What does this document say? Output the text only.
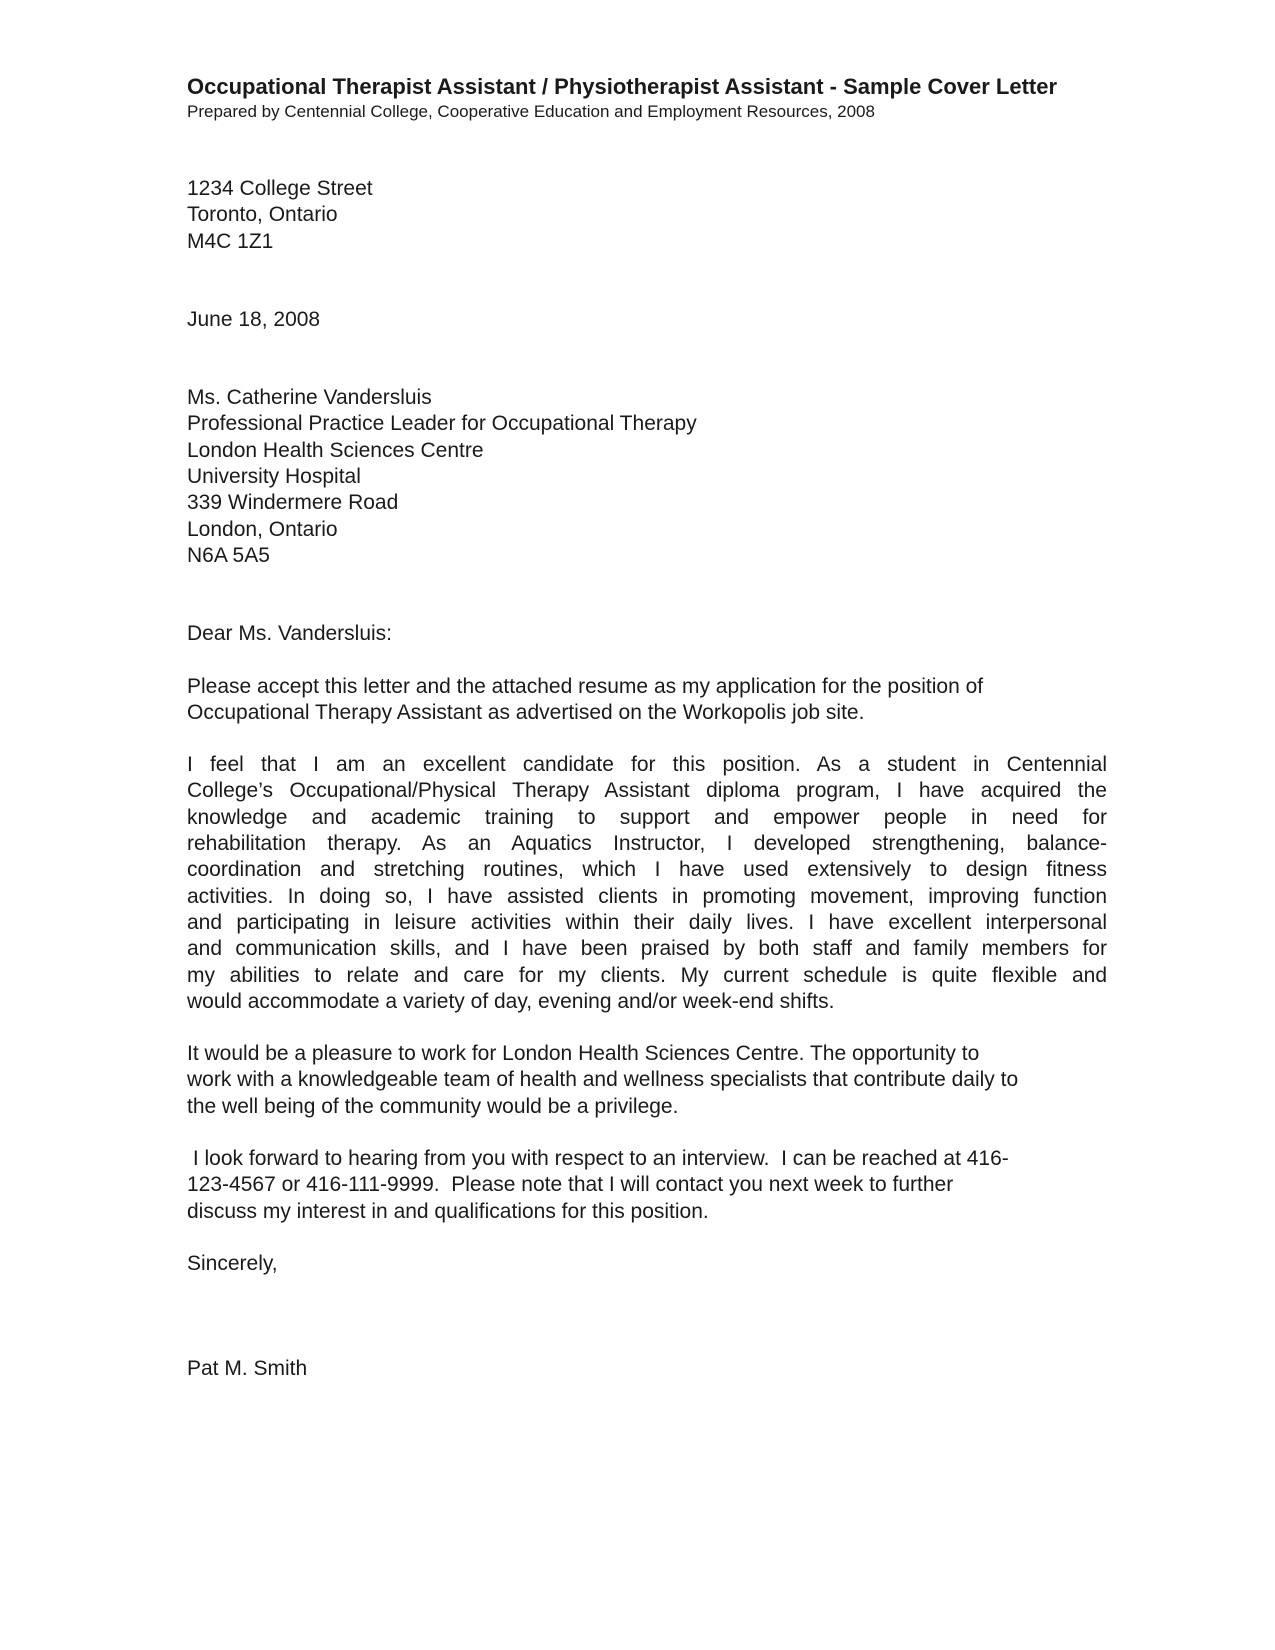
Occupational Therapist Assistant / Physiotherapist Assistant - Sample Cover Letter
Prepared by Centennial College, Cooperative Education and Employment Resources, 2008
1234 College Street
Toronto, Ontario
M4C 1Z1
June 18, 2008
Ms. Catherine Vandersluis
Professional Practice Leader for Occupational Therapy
London Health Sciences Centre
University Hospital
339 Windermere Road
London, Ontario
N6A 5A5
Dear Ms. Vandersluis:
Please accept this letter and the attached resume as my application for the position of
Occupational Therapy Assistant as advertised on the Workopolis job site.
I feel that I am an excellent candidate for this position. As a student in Centennial
College’s Occupational/Physical Therapy Assistant diploma program, I have acquired the
knowledge and academic training to support and empower people in need for
rehabilitation therapy. As an Aquatics Instructor, I developed strengthening, balance-
coordination and stretching routines, which I have used extensively to design fitness
activities. In doing so, I have assisted clients in promoting movement, improving function
and participating in leisure activities within their daily lives. I have excellent interpersonal
and communication skills, and I have been praised by both staff and family members for
my abilities to relate and care for my clients. My current schedule is quite flexible and
would accommodate a variety of day, evening and/or week-end shifts.
It would be a pleasure to work for London Health Sciences Centre. The opportunity to
work with a knowledgeable team of health and wellness specialists that contribute daily to
the well being of the community would be a privilege.
I look forward to hearing from you with respect to an interview.  I can be reached at 416-
123-4567 or 416-111-9999.  Please note that I will contact you next week to further
discuss my interest in and qualifications for this position.
Sincerely,
Pat M. Smith
